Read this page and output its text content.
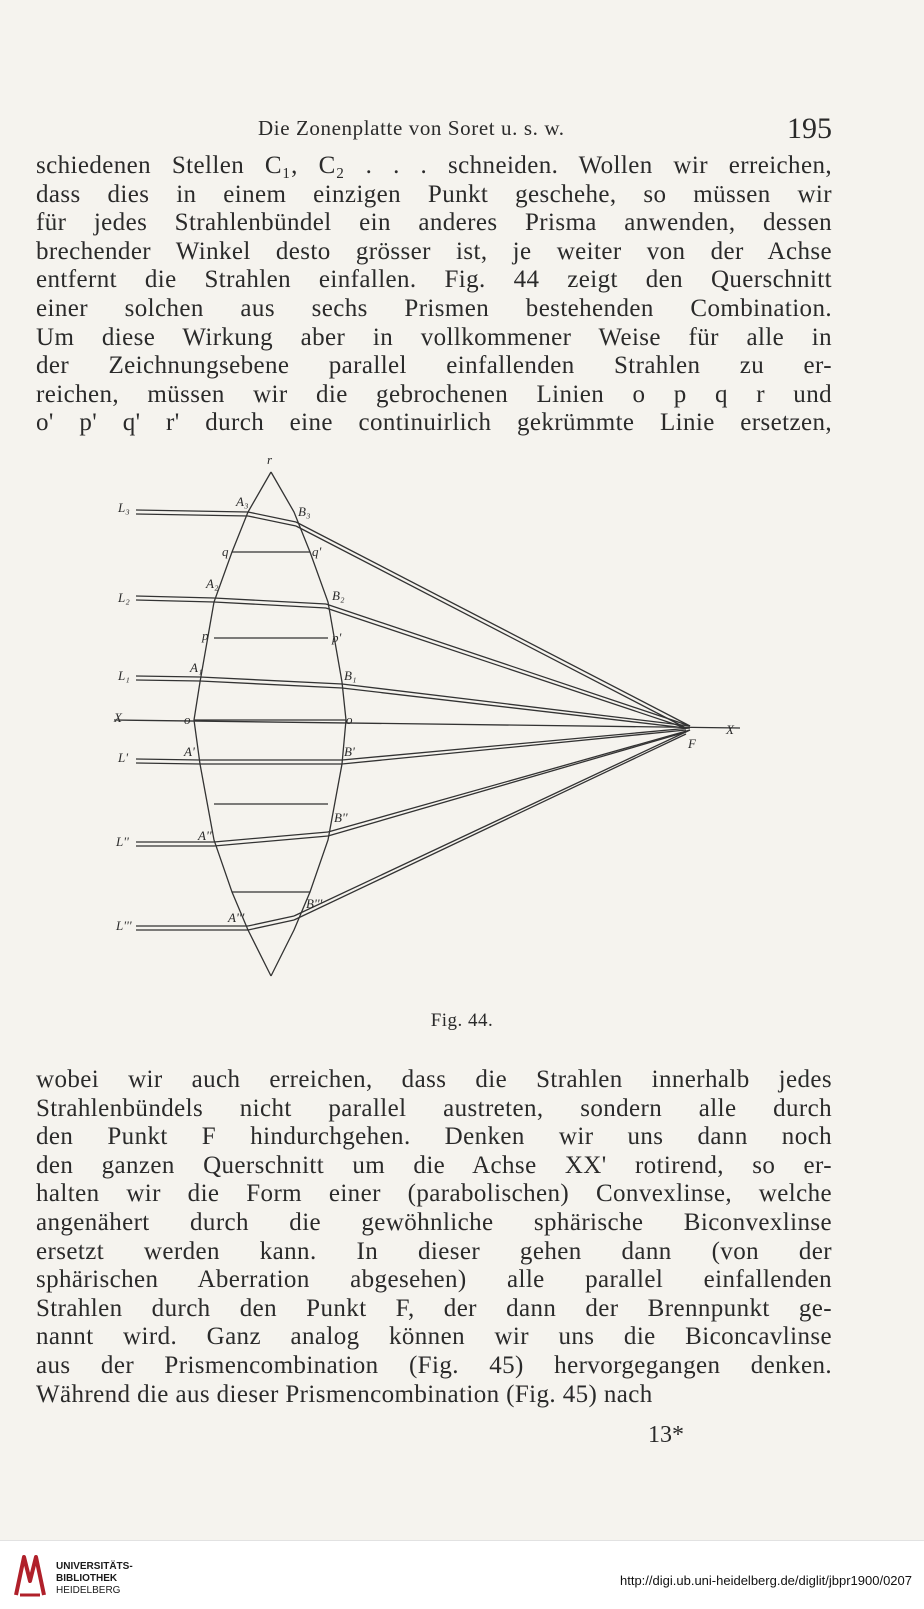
Die Zonenplatte von Soret u. s. w.	195
schiedenen Stellen C₁, C₂ . . . schneiden. Wollen wir erreichen,
dass dies in einem einzigen Punkt geschehe, so müssen wir
für jedes Strahlenbündel ein anderes Prisma anwenden, dessen
brechender Winkel desto grösser ist, je weiter von der Achse
entfernt die Strahlen einfallen. Fig. 44 zeigt den Querschnitt
einer solchen aus sechs Prismen bestehenden Combination.
Um diese Wirkung aber in vollkommener Weise für alle in
der Zeichnungsebene parallel einfallenden Strahlen zu er-
reichen, müssen wir die gebrochenen Linien o p q r und
o' p' q' r' durch eine continuirlich gekrümmte Linie ersetzen,
r
L₃	A₃
B₃
q	q'
A₂
L₂	B₂
p	p'
A₁
L₁	B₁
X	o	o
X
F
L'	A'	B'
B''
A''
L''
B'''
A'''
L'''
Fig. 44.
wobei wir auch erreichen, dass die Strahlen innerhalb jedes
Strahlenbündels nicht parallel austreten, sondern alle durch
den Punkt F hindurchgehen. Denken wir uns dann noch
den ganzen Querschnitt um die Achse XX' rotirend, so er-
halten wir die Form einer (parabolischen) Convexlinse, welche
angenähert durch die gewöhnliche sphärische Biconvexlinse
ersetzt werden kann. In dieser gehen dann (von der
sphärischen Aberration abgesehen) alle parallel einfallenden
Strahlen durch den Punkt F, der dann der Brennpunkt ge-
nannt wird. Ganz analog können wir uns die Biconcavlinse
aus der Prismencombination (Fig. 45) hervorgegangen denken.
Während die aus dieser Prismencombination (Fig. 45) nach
13*
UNIVERSITÄTS-
BIBLIOTHEK
HEIDELBERG
http://digi.ub.uni-heidelberg.de/diglit/jbpr1900/0207
